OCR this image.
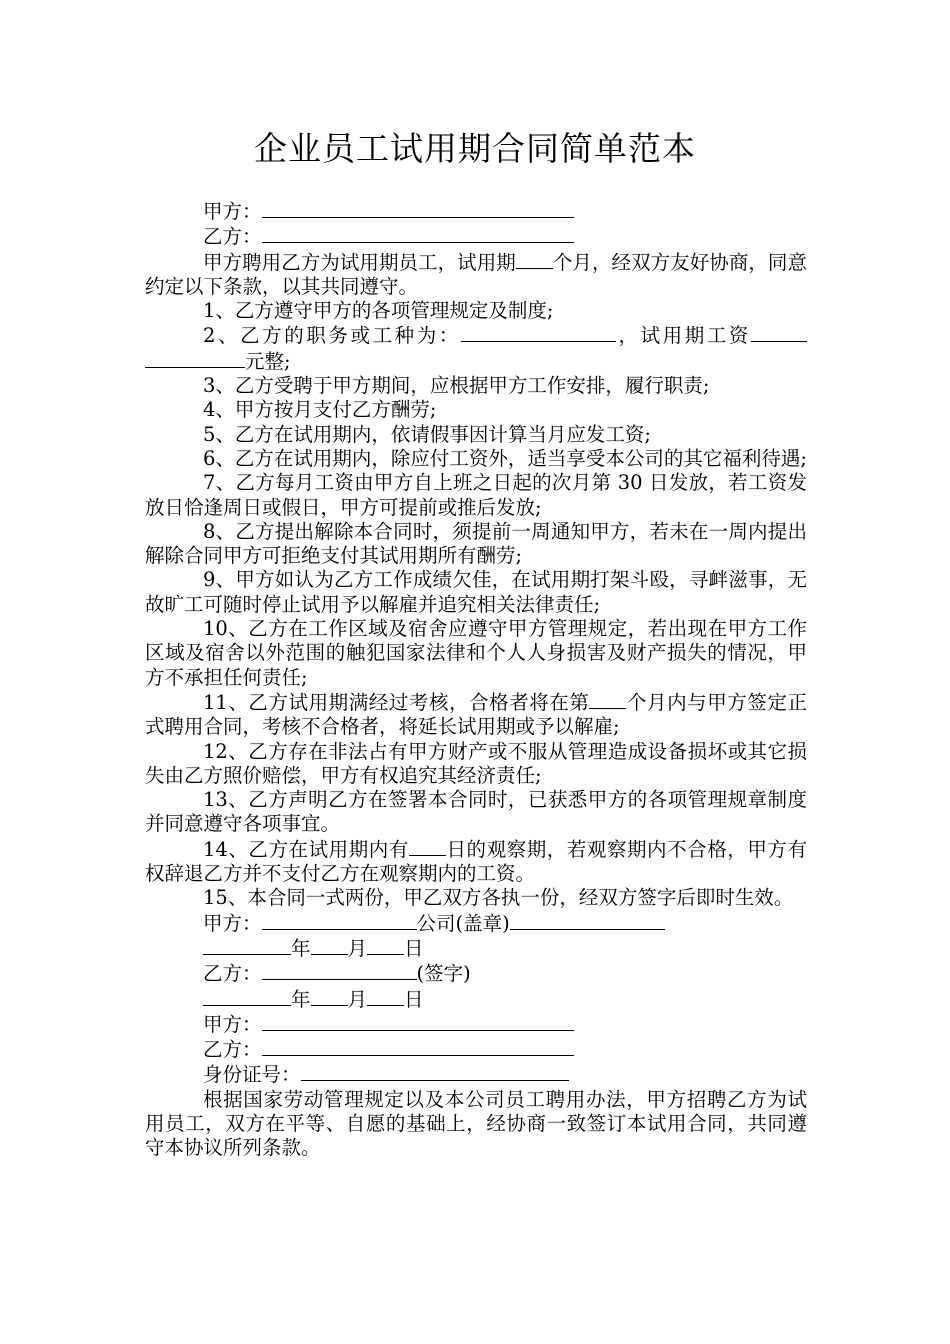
企业员工试用期合同简单范本
甲方：
乙方：

甲方聘用乙方为试用期员工，试用期 个月，经双方友好协商，同意约定以下条款，以其共同遵守。

1、乙方遵守甲方的各项管理规定及制度;

2、乙方的职务或工种为：	，试用期工资元整;

3、乙方受聘于甲方期间，应根据甲方工作安排，履行职责;

4、甲方按月支付乙方酬劳;

5、乙方在试用期内，依请假事因计算当月应发工资;

6、乙方在试用期内，除应付工资外，适当享受本公司的其它福利待遇;

7、乙方每月工资由甲方自上班之日起的次月第 30 日发放，若工资发放日恰逢周日或假日，甲方可提前或推后发放;

8、乙方提出解除本合同时，须提前一周通知甲方，若未在一周内提出解除合同甲方可拒绝支付其试用期所有酬劳;

9、甲方如认为乙方工作成绩欠佳，在试用期打架斗殴，寻衅滋事，无故旷工可随时停止试用予以解雇并追究相关法律责任;

10、乙方在工作区域及宿舍应遵守甲方管理规定，若出现在甲方工作区域及宿舍以外范围的触犯国家法律和个人人身损害及财产损失的情况，甲方不承担任何责任;

11、乙方试用期满经过考核，合格者将在第 个月内与甲方签定正式聘用合同，考核不合格者，将延长试用期或予以解雇;

12、乙方存在非法占有甲方财产或不服从管理造成设备损坏或其它损失由乙方照价赔偿，甲方有权追究其经济责任;

13、乙方声明乙方在签署本合同时，已获悉甲方的各项管理规章制度并同意遵守各项事宜。

14、乙方在试用期内有 日的观察期，若观察期内不合格，甲方有权辞退乙方并不支付乙方在观察期内的工资。

15、本合同一式两份，甲乙双方各执一份，经双方签字后即时生效。

甲方：	公司(盖章)
年 月 日
乙方：	(签字)
年 月 日
甲方：
乙方：
身份证号：

根据国家劳动管理规定以及本公司员工聘用办法，甲方招聘乙方为试用员工，双方在平等、自愿的基础上，经协商一致签订本试用合同，共同遵守本协议所列条款。
